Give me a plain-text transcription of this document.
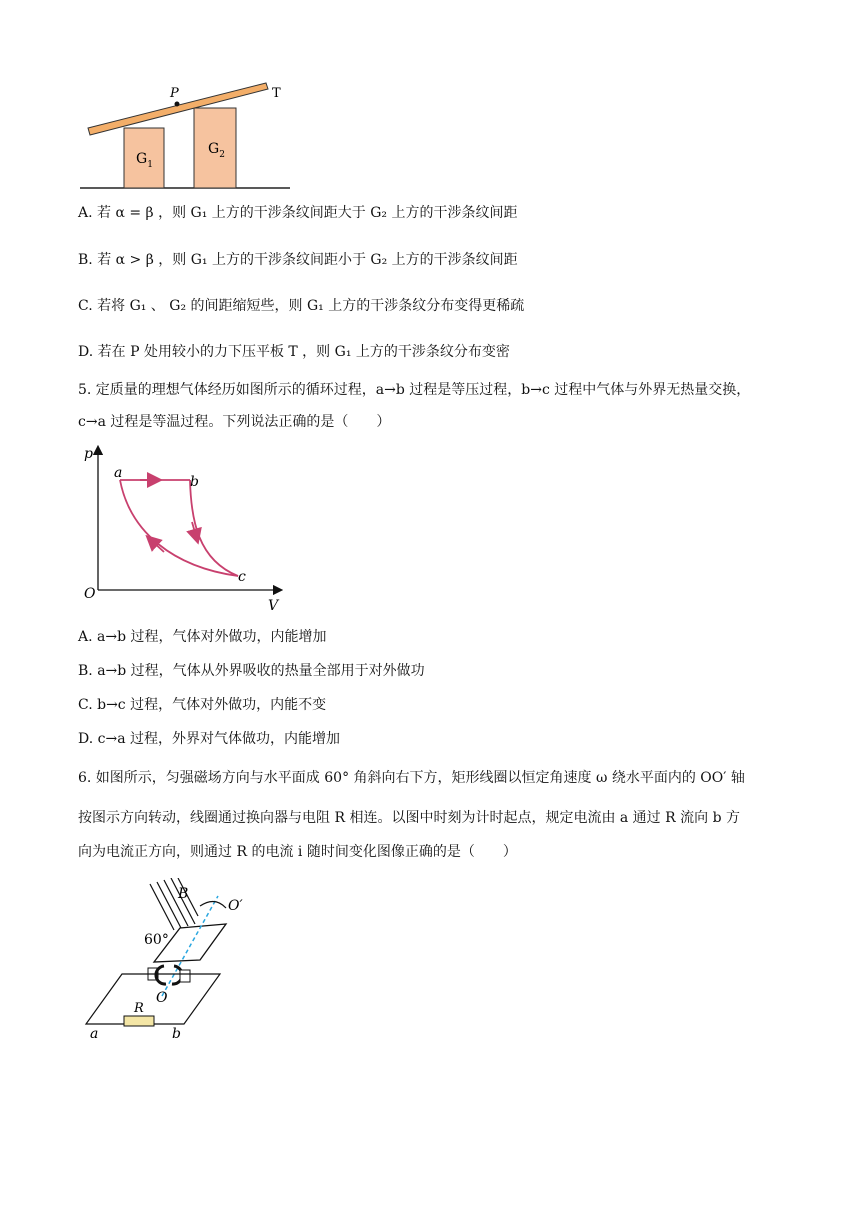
P	T
$G_1$
$G_2$
A. 若 α = β ，则 G₁ 上方的干涉条纹间距大于 G₂ 上方的干涉条纹间距
B. 若 α > β ，则 G₁ 上方的干涉条纹间距小于 G₂ 上方的干涉条纹间距
C. 若将 G₁ 、 G₂ 的间距缩短些，则 G₁ 上方的干涉条纹分布变得更稀疏
D. 若在 P 处用较小的力下压平板 T ，则 G₁ 上方的干涉条纹分布变密
5. 定质量的理想气体经历如图所示的循环过程，a→b 过程是等压过程，b→c 过程中气体与外界无热量交换，
c→a 过程是等温过程。下列说法正确的是（　　）
p
V
O
a
b
c
A. a→b 过程，气体对外做功，内能增加
B. a→b 过程，气体从外界吸收的热量全部用于对外做功
C. b→c 过程，气体对外做功，内能不变
D. c→a 过程，外界对气体做功，内能增加
6. 如图所示，匀强磁场方向与水平面成 60° 角斜向右下方，矩形线圈以恒定角速度 ω 绕水平面内的 OO′ 轴
按图示方向转动，线圈通过换向器与电阻 R 相连。以图中时刻为计时起点，规定电流由 a 通过 R 流向 b 方
向为电流正方向，则通过 R 的电流 i 随时间变化图像正确的是（　　）
B
O′
60°
O
R
a	b
